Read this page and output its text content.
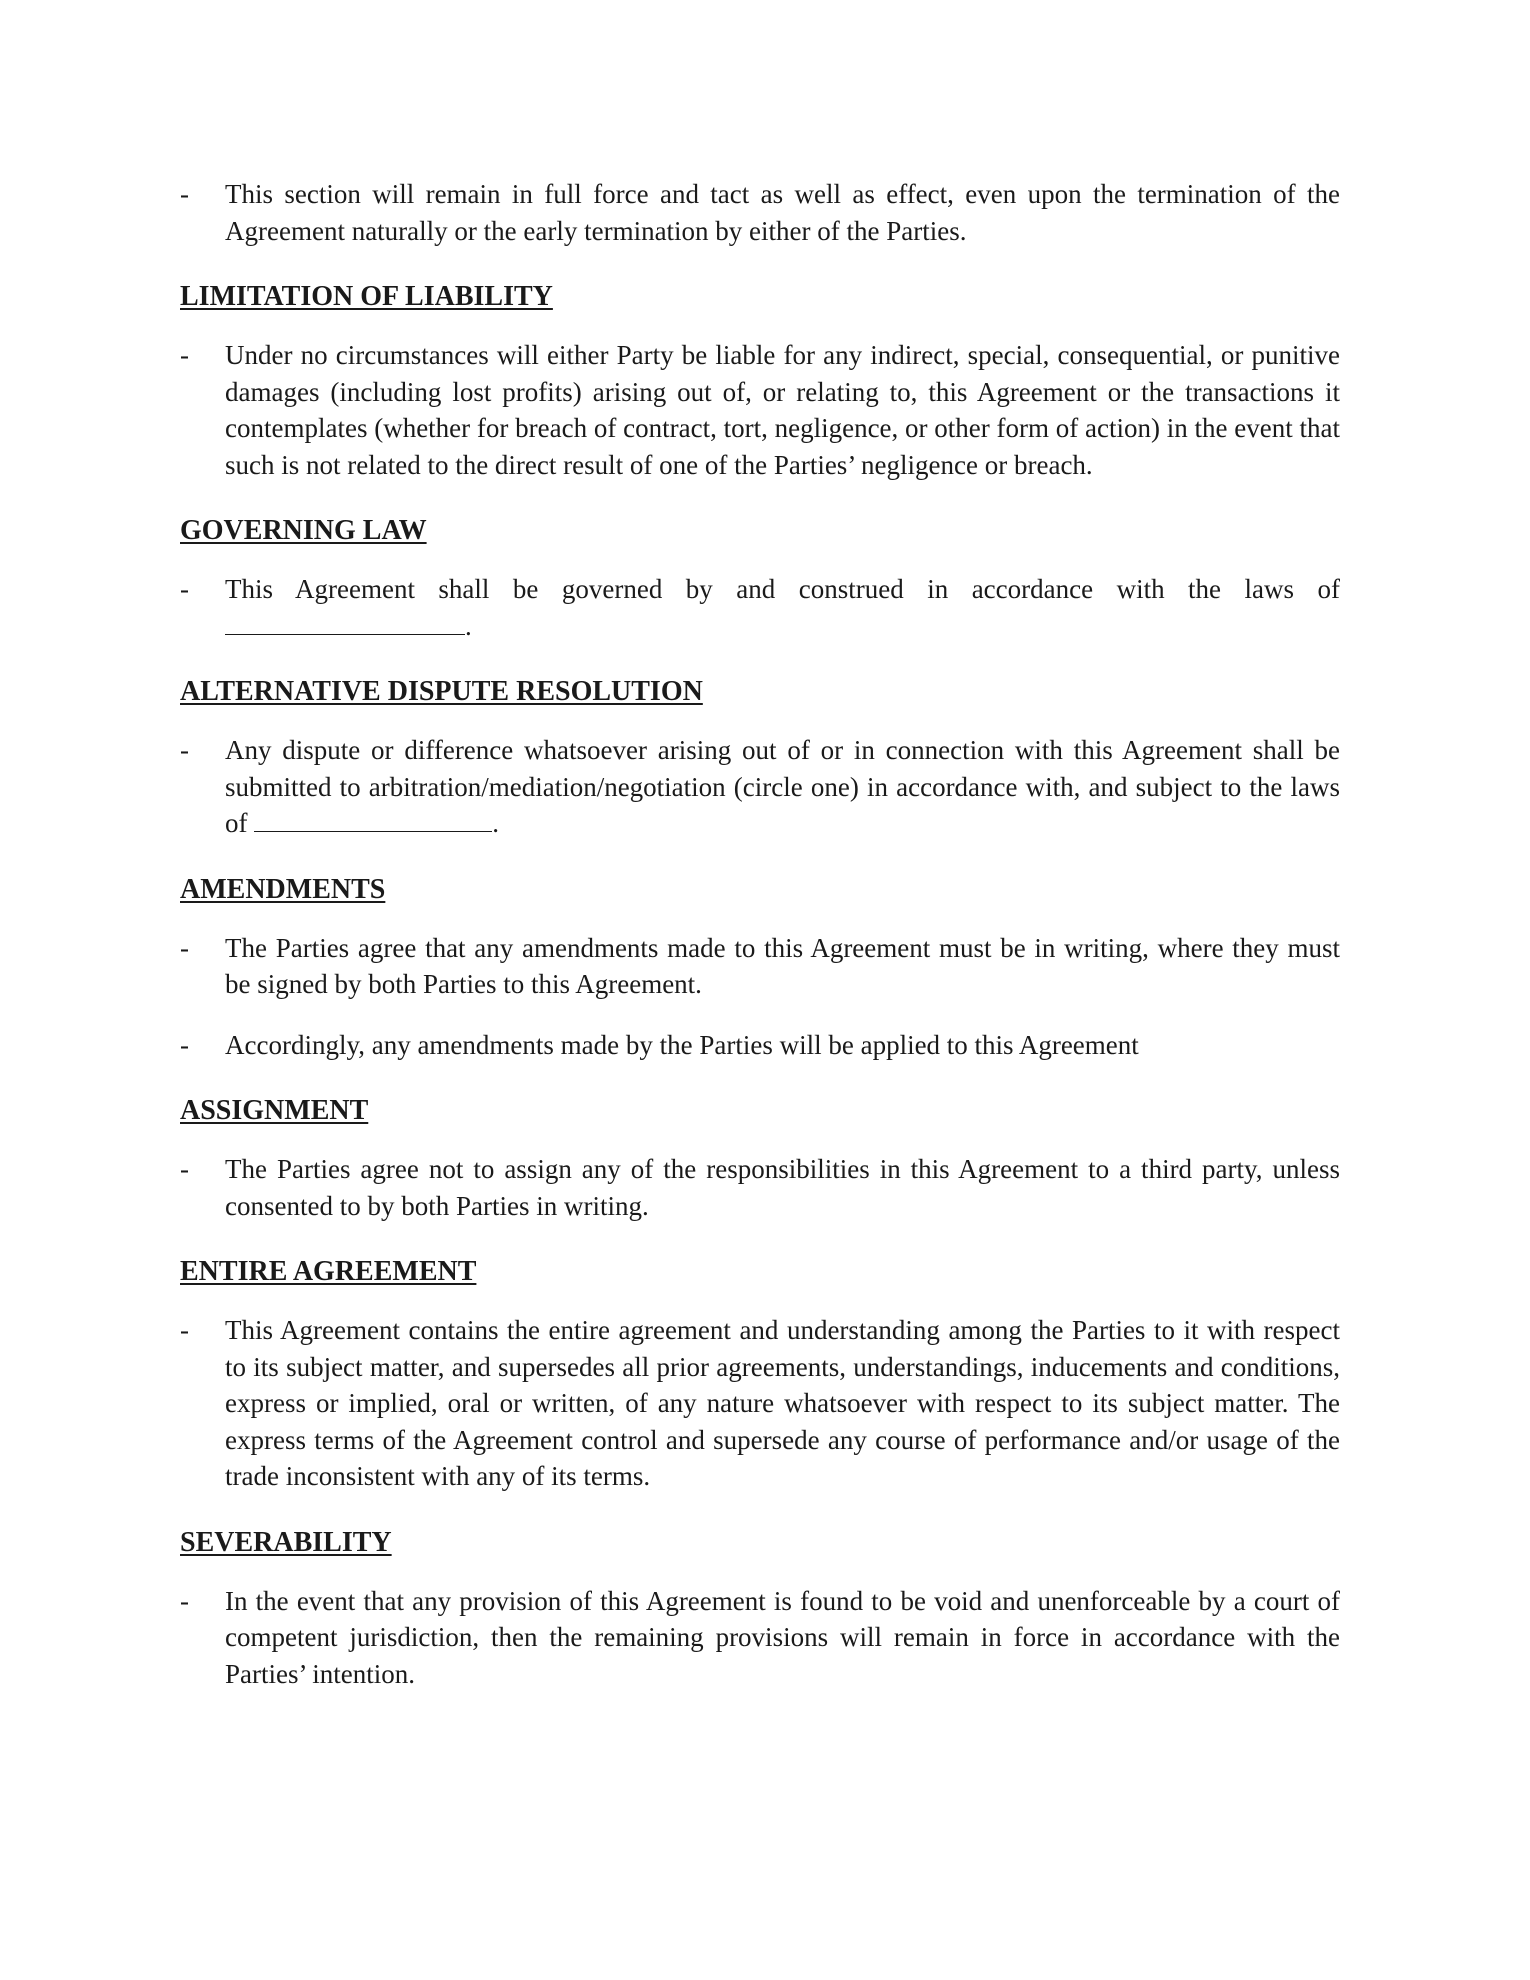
- This section will remain in full force and tact as well as effect, even upon the termination of the Agreement naturally or the early termination by either of the Parties.

LIMITATION OF LIABILITY

- Under no circumstances will either Party be liable for any indirect, special, consequential, or punitive damages (including lost profits) arising out of, or relating to, this Agreement or the transactions it contemplates (whether for breach of contract, tort, negligence, or other form of action) in the event that such is not related to the direct result of one of the Parties’ negligence or breach.

GOVERNING LAW

- This Agreement shall be governed by and construed in accordance with the laws of
.

ALTERNATIVE DISPUTE RESOLUTION

- Any dispute or difference whatsoever arising out of or in connection with this Agreement shall be submitted to arbitration/mediation/negotiation (circle one) in accordance with, and subject to the laws of	.

AMENDMENTS

- The Parties agree that any amendments made to this Agreement must be in writing, where they must be signed by both Parties to this Agreement.

- Accordingly, any amendments made by the Parties will be applied to this Agreement

ASSIGNMENT

- The Parties agree not to assign any of the responsibilities in this Agreement to a third party, unless consented to by both Parties in writing.

ENTIRE AGREEMENT

- This Agreement contains the entire agreement and understanding among the Parties to it with respect to its subject matter, and supersedes all prior agreements, understandings, inducements and conditions, express or implied, oral or written, of any nature whatsoever with respect to its subject matter. The express terms of the Agreement control and supersede any course of performance and/or usage of the trade inconsistent with any of its terms.

SEVERABILITY

- In the event that any provision of this Agreement is found to be void and unenforceable by a court of competent jurisdiction, then the remaining provisions will remain in force in accordance with the Parties’ intention.
